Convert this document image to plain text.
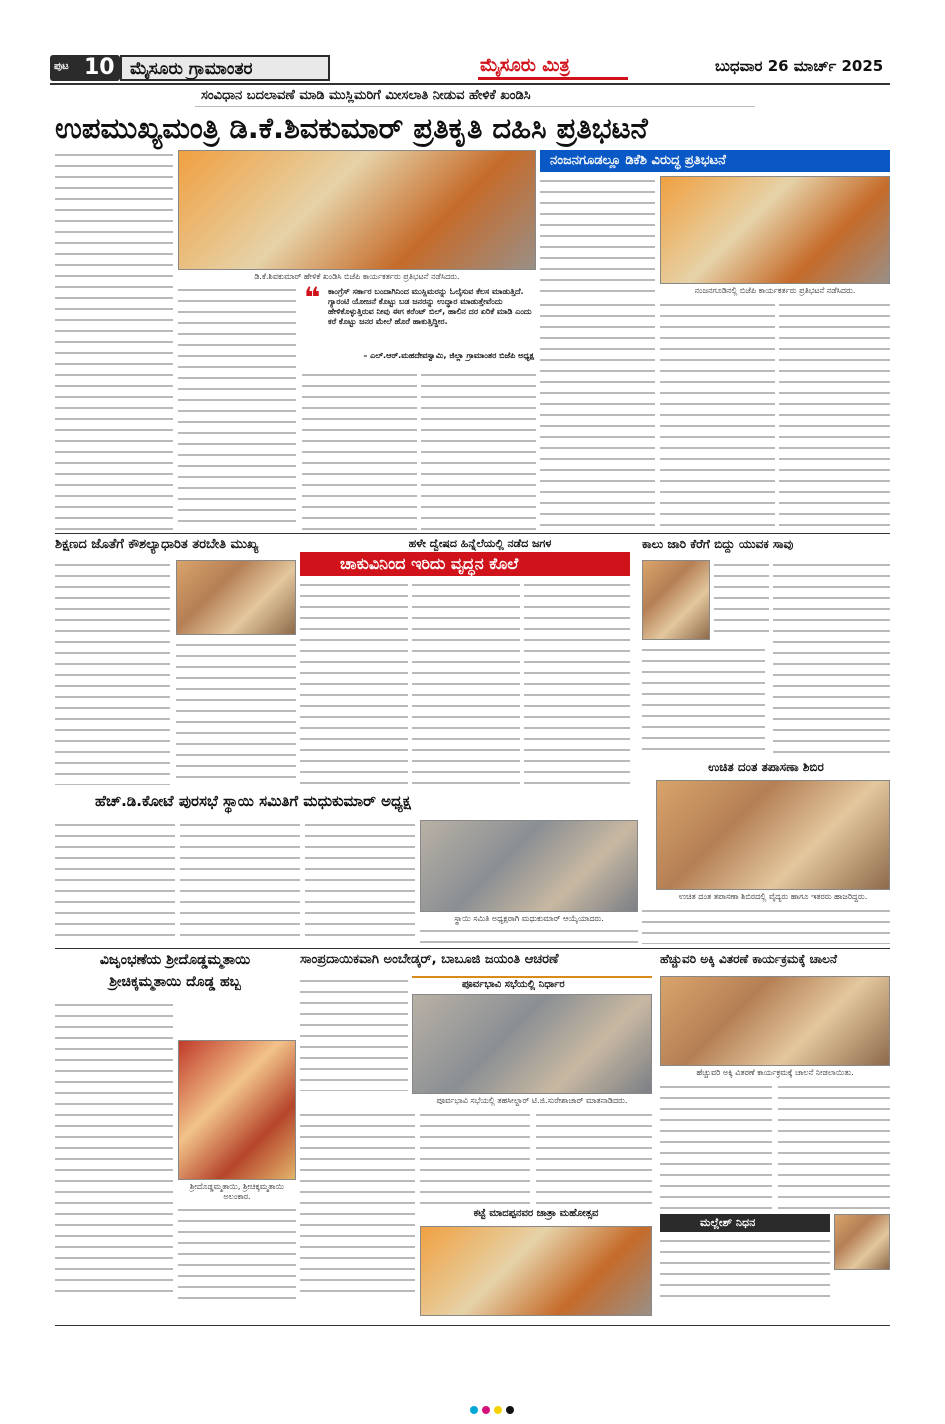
ಪುಟ 10 ಮೈಸೂರು ಗ್ರಾಮಾಂತರ	ಮೈಸೂರು ಮಿತ್ರ	ಬುಧವಾರ 26 ಮಾರ್ಚ್ 2025
ಸಂವಿಧಾನ ಬದಲಾವಣೆ ಮಾಡಿ ಮುಸ್ಲಿಮರಿಗೆ ಮೀಸಲಾತಿ ನೀಡುವ ಹೇಳಿಕೆ ಖಂಡಿಸಿ
ಉಪಮುಖ್ಯಮಂತ್ರಿ ಡಿ.ಕೆ.ಶಿವಕುಮಾರ್ ಪ್ರತಿಕೃತಿ ದಹಿಸಿ ಪ್ರತಿಭಟನೆ
ಡಿ.ಕೆ.ಶಿವಕುಮಾರ್ ಹೇಳಿಕೆ ಖಂಡಿಸಿ ಬಿಜೆಪಿ ಕಾರ್ಯಕರ್ತರು ಪ್ರತಿಭಟನೆ ನಡೆಸಿದರು.
❝ ಕಾಂಗ್ರೆಸ್ ಸರ್ಕಾರ ಬಂದಾಗಿನಿಂದ ಮುಸ್ಲಿಮರನ್ನು ಓಲೈಸುವ ಕೆಲಸ ಮಾಡುತ್ತಿದೆ. ಗ್ಯಾರಂಟಿ ಯೋಜನೆ ಕೊಟ್ಟು ಬಡ ಜನರನ್ನು ಉದ್ಧಾರ ಮಾಡುತ್ತೇವೆಂದು ಹೇಳಿಕೊಳ್ಳುತ್ತಿರುವ ನೀವು ಈಗ ಕರೆಂಟ್ ಬಿಲ್, ಹಾಲಿನ ದರ ಏರಿಕೆ ಮಾಡಿ ಎಂದು ಕರೆ ಕೊಟ್ಟು ಜನರ ಮೇಲೆ ಹೊರೆ ಹಾಕುತ್ತಿದ್ದೀರ.
– ಎಲ್.ಆರ್.ಮಹದೇವಸ್ವಾಮಿ, ಜಿಲ್ಲಾ ಗ್ರಾಮಾಂತರ ಬಿಜೆಪಿ ಅಧ್ಯಕ್ಷ
ನಂಜನಗೂಡಲ್ಲೂ ಡಿಕೆಶಿ ವಿರುದ್ಧ ಪ್ರತಿಭಟನೆ
ನಂಜನಗೂಡಿನಲ್ಲಿ ಬಿಜೆಪಿ ಕಾರ್ಯಕರ್ತರು ಪ್ರತಿಭಟನೆ ನಡೆಸಿದರು.
ಶಿಕ್ಷಣದ ಜೊತೆಗೆ ಕೌಶಲ್ಯಾಧಾರಿತ ತರಬೇತಿ ಮುಖ್ಯ	ಹಳೇ ದ್ವೇಷದ ಹಿನ್ನೆಲೆಯಲ್ಲಿ ನಡೆದ ಜಗಳ
ಚಾಕುವಿನಿಂದ ಇರಿದು ವೃದ್ಧನ ಕೊಲೆ
ಕಾಲು ಜಾರಿ ಕೆರೆಗೆ ಬಿದ್ದು ಯುವಕ ಸಾವು
ಉಚಿತ ದಂತ ತಪಾಸಣಾ ಶಿಬಿರ
ಉಚಿತ ದಂತ ತಪಾಸಣಾ ಶಿಬಿರದಲ್ಲಿ ವೈದ್ಯರು ಹಾಗೂ ಇತರರು ಹಾಜರಿದ್ದರು.
ಹೆಚ್.ಡಿ.ಕೋಟೆ ಪುರಸಭೆ ಸ್ಥಾಯಿ ಸಮಿತಿಗೆ ಮಧುಕುಮಾರ್ ಅಧ್ಯಕ್ಷ
ಸ್ಥಾಯಿ ಸಮಿತಿ ಅಧ್ಯಕ್ಷರಾಗಿ ಮಧುಕುಮಾರ್ ಆಯ್ಕೆಯಾದರು.
ವಿಜೃಂಭಣೆಯ ಶ್ರೀದೊಡ್ಡಮ್ಮತಾಯಿ
ಶ್ರೀಚಿಕ್ಕಮ್ಮತಾಯಿ ದೊಡ್ಡ ಹಬ್ಬ
ಶ್ರೀದೊಡ್ಡಮ್ಮತಾಯಿ, ಶ್ರೀಚಿಕ್ಕಮ್ಮತಾಯಿ ಅಲಂಕಾರ.
ಸಾಂಪ್ರದಾಯಿಕವಾಗಿ ಅಂಬೇಡ್ಕರ್, ಬಾಬೂಜಿ ಜಯಂತಿ ಆಚರಣೆ
ಪೂರ್ವಭಾವಿ ಸಭೆಯಲ್ಲಿ ನಿರ್ಧಾರ
ಪೂರ್ವಭಾವಿ ಸಭೆಯಲ್ಲಿ ತಹಸೀಲ್ದಾರ್ ಟಿ.ಜಿ.ಸುರೇಶಾಚಾರ್ ಮಾತನಾಡಿದರು.
ಕಟ್ಟೆ ಮಾದಪ್ಪನವರ ಜಾತ್ರಾ ಮಹೋತ್ಸವ
ಹೆಚ್ಚುವರಿ ಅಕ್ಕಿ ವಿತರಣೆ ಕಾರ್ಯಕ್ರಮಕ್ಕೆ ಚಾಲನೆ
ಹೆಚ್ಚುವರಿ ಅಕ್ಕಿ ವಿತರಣೆ ಕಾರ್ಯಕ್ರಮಕ್ಕೆ ಚಾಲನೆ ನೀಡಲಾಯಿತು.
ಮಲ್ಲೇಶ್ ನಿಧನ
